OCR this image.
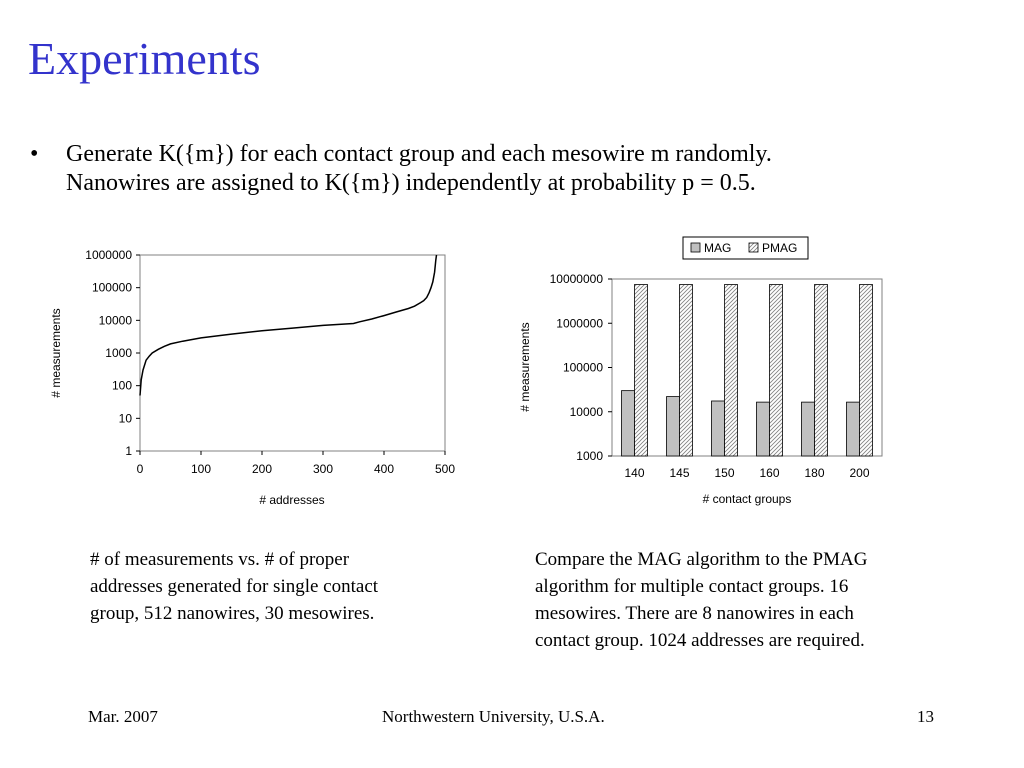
Experiments
• Generate K({m}) for each contact group and each mesowire m randomly.
Nanowires are assigned to K({m}) independently at probability p = 0.5.
1
10
100
1000
10000
100000
1000000
0	100	200	300	400	500
# addresses
# measurements
MAG	PMAG
1000
10000
100000
1000000
10000000
140 145 150 160 180 200
# contact groups
# measurements
# of measurements vs. # of proper
addresses generated for single contact
group, 512 nanowires, 30 mesowires.
Compare the MAG algorithm to the PMAG
algorithm for multiple contact groups. 16
mesowires. There are 8 nanowires in each
contact group. 1024 addresses are required.
Mar. 2007	Northwestern University, U.S.A.	13
